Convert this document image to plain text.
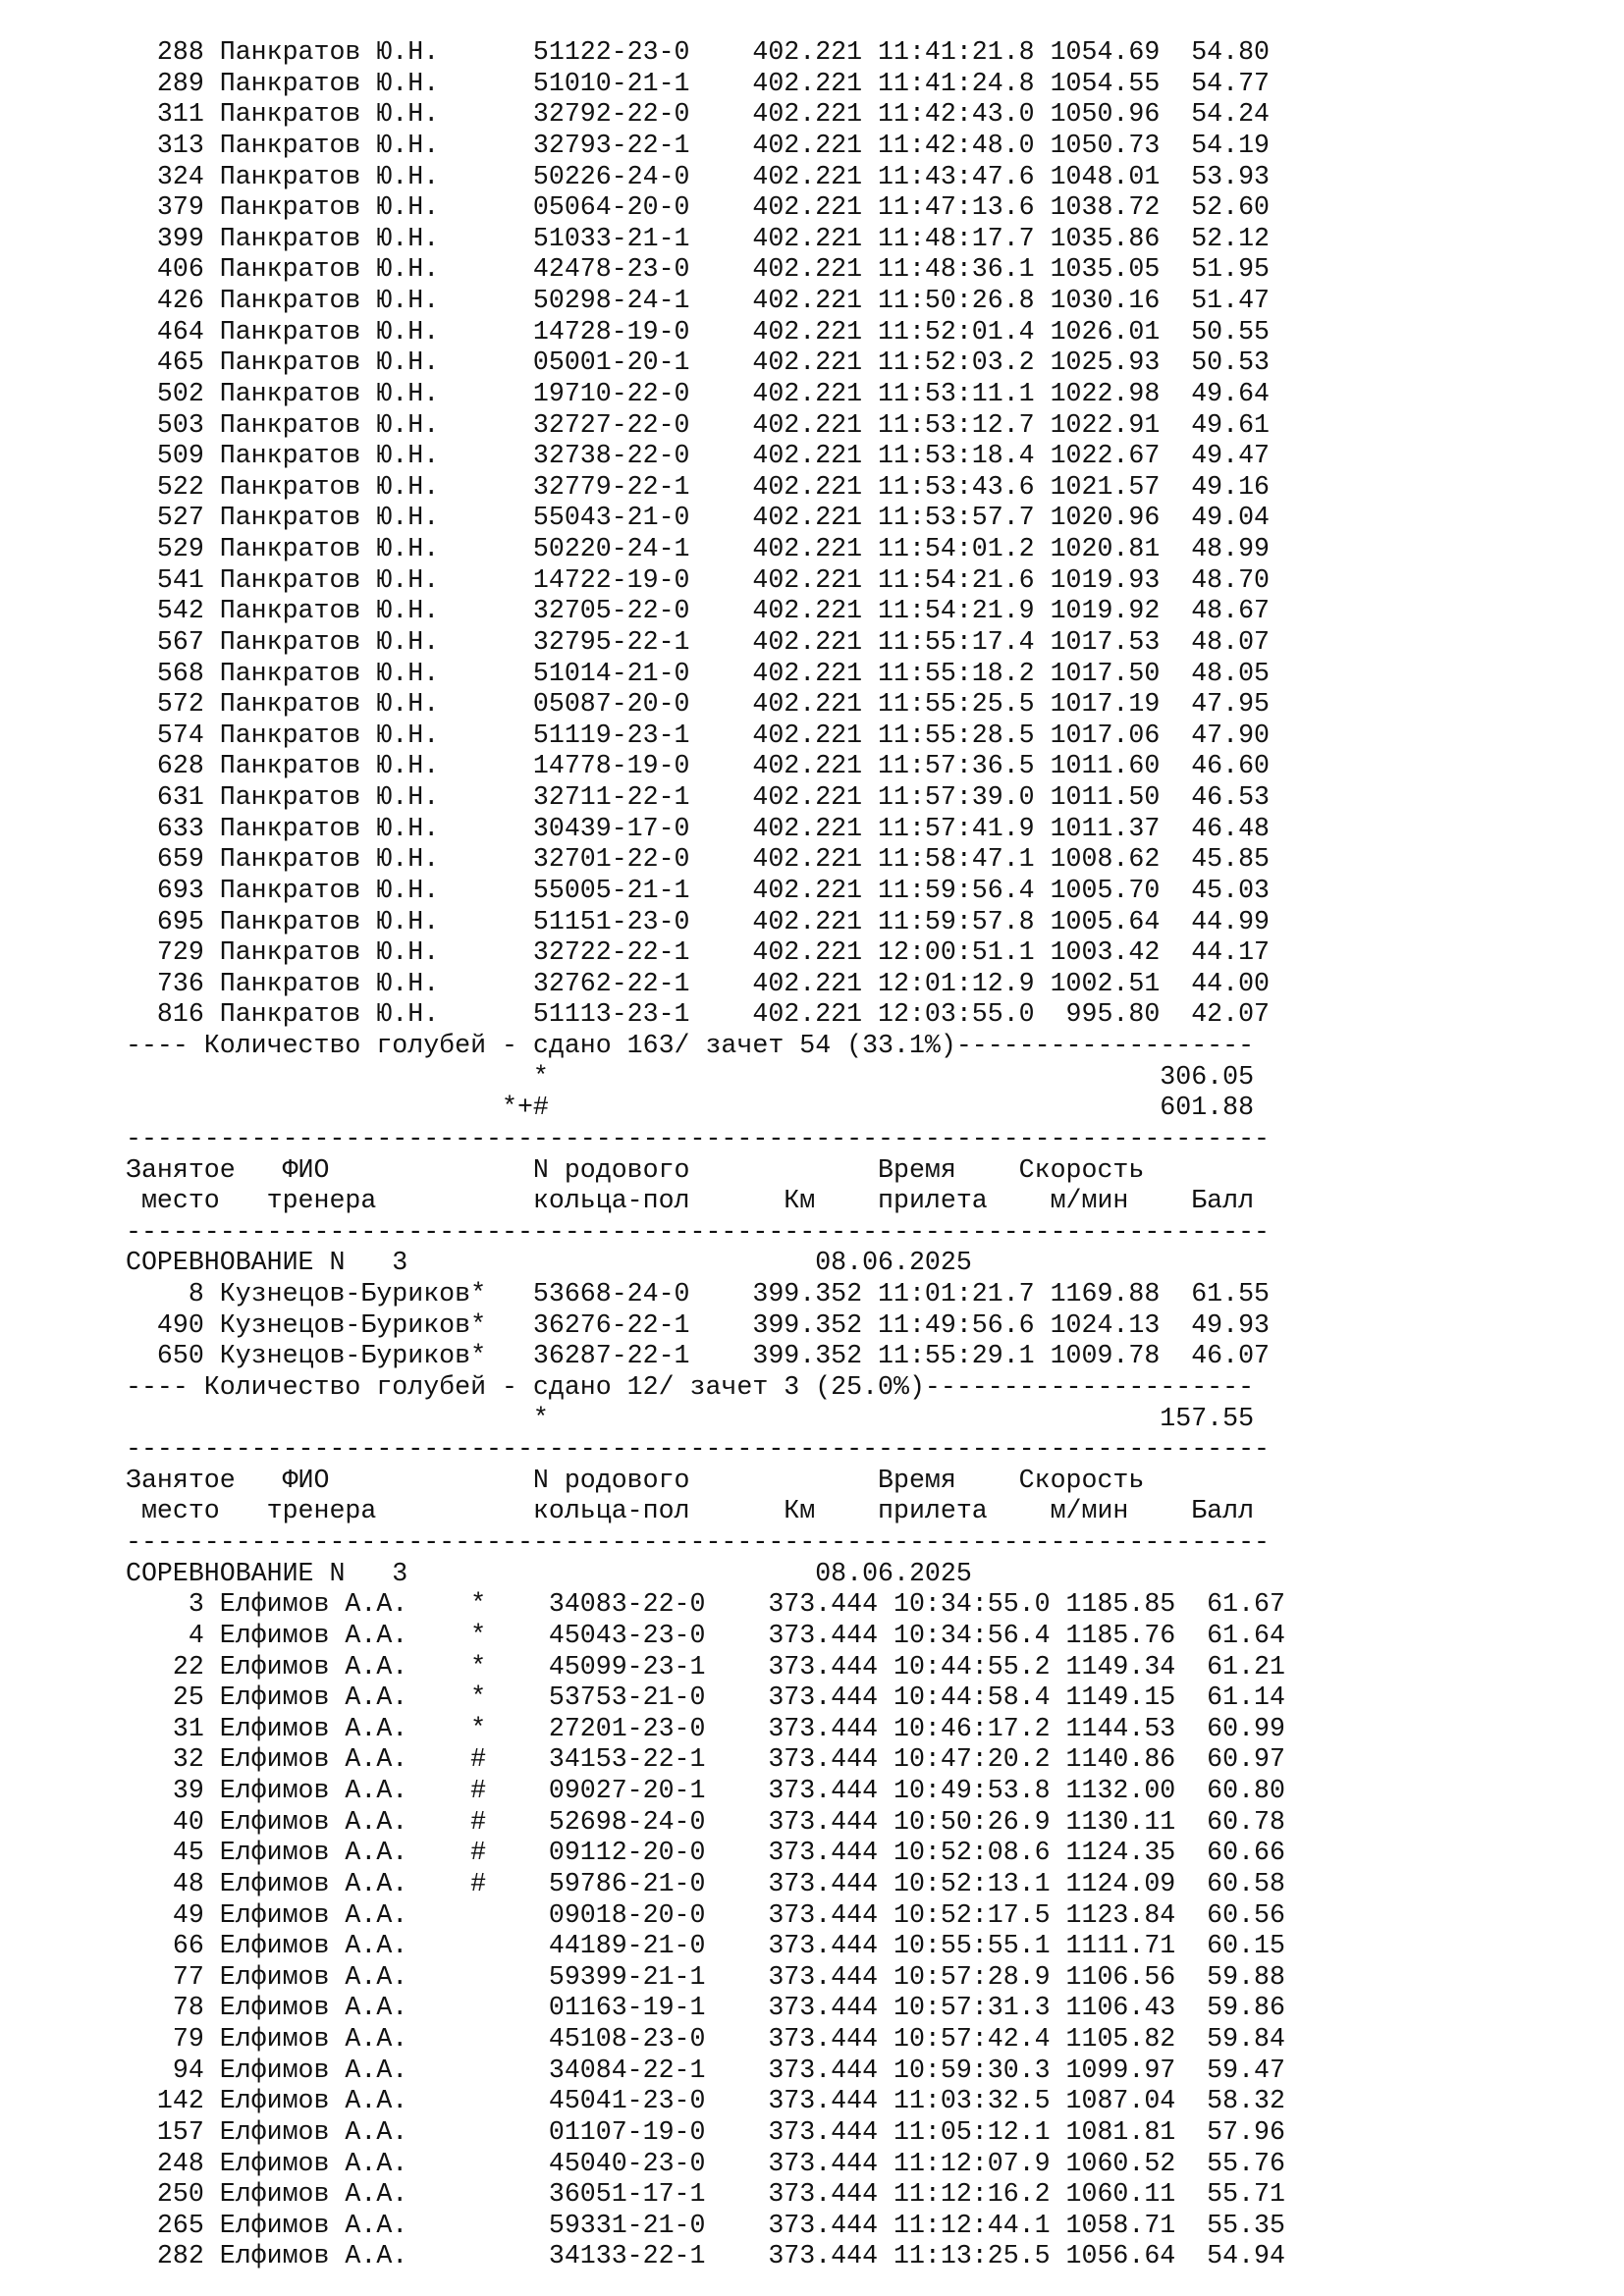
288 Панкратов Ю.Н.      51122-23-0    402.221 11:41:21.8 1054.69  54.80
289 Панкратов Ю.Н.      51010-21-1    402.221 11:41:24.8 1054.55  54.77
311 Панкратов Ю.Н.      32792-22-0    402.221 11:42:43.0 1050.96  54.24
313 Панкратов Ю.Н.      32793-22-1    402.221 11:42:48.0 1050.73  54.19
324 Панкратов Ю.Н.      50226-24-0    402.221 11:43:47.6 1048.01  53.93
379 Панкратов Ю.Н.      05064-20-0    402.221 11:47:13.6 1038.72  52.60
399 Панкратов Ю.Н.      51033-21-1    402.221 11:48:17.7 1035.86  52.12
406 Панкратов Ю.Н.      42478-23-0    402.221 11:48:36.1 1035.05  51.95
426 Панкратов Ю.Н.      50298-24-1    402.221 11:50:26.8 1030.16  51.47
464 Панкратов Ю.Н.      14728-19-0    402.221 11:52:01.4 1026.01  50.55
465 Панкратов Ю.Н.      05001-20-1    402.221 11:52:03.2 1025.93  50.53
502 Панкратов Ю.Н.      19710-22-0    402.221 11:53:11.1 1022.98  49.64
503 Панкратов Ю.Н.      32727-22-0    402.221 11:53:12.7 1022.91  49.61
509 Панкратов Ю.Н.      32738-22-0    402.221 11:53:18.4 1022.67  49.47
522 Панкратов Ю.Н.      32779-22-1    402.221 11:53:43.6 1021.57  49.16
527 Панкратов Ю.Н.      55043-21-0    402.221 11:53:57.7 1020.96  49.04
529 Панкратов Ю.Н.      50220-24-1    402.221 11:54:01.2 1020.81  48.99
541 Панкратов Ю.Н.      14722-19-0    402.221 11:54:21.6 1019.93  48.70
542 Панкратов Ю.Н.      32705-22-0    402.221 11:54:21.9 1019.92  48.67
567 Панкратов Ю.Н.      32795-22-1    402.221 11:55:17.4 1017.53  48.07
568 Панкратов Ю.Н.      51014-21-0    402.221 11:55:18.2 1017.50  48.05
572 Панкратов Ю.Н.      05087-20-0    402.221 11:55:25.5 1017.19  47.95
574 Панкратов Ю.Н.      51119-23-1    402.221 11:55:28.5 1017.06  47.90
628 Панкратов Ю.Н.      14778-19-0    402.221 11:57:36.5 1011.60  46.60
631 Панкратов Ю.Н.      32711-22-1    402.221 11:57:39.0 1011.50  46.53
633 Панкратов Ю.Н.      30439-17-0    402.221 11:57:41.9 1011.37  46.48
659 Панкратов Ю.Н.      32701-22-0    402.221 11:58:47.1 1008.62  45.85
693 Панкратов Ю.Н.      55005-21-1    402.221 11:59:56.4 1005.70  45.03
695 Панкратов Ю.Н.      51151-23-0    402.221 11:59:57.8 1005.64  44.99
729 Панкратов Ю.Н.      32722-22-1    402.221 12:00:51.1 1003.42  44.17
736 Панкратов Ю.Н.      32762-22-1    402.221 12:01:12.9 1002.51  44.00
816 Панкратов Ю.Н.      51113-23-1    402.221 12:03:55.0  995.80  42.07
---- Количество голубей - сдано 163/ зачет 54 (33.1%)-------------------
*                                       306.05
*+#                                       601.88
-------------------------------------------------------------------------
Занятое   ФИО             N родового            Время    Скорость
место   тренера          кольца-пол      Км    прилета    м/мин    Балл
-------------------------------------------------------------------------
СОРЕВНОВАНИЕ N   3                          08.06.2025
8 Кузнецов-Буриков*   53668-24-0    399.352 11:01:21.7 1169.88  61.55
490 Кузнецов-Буриков*   36276-22-1    399.352 11:49:56.6 1024.13  49.93
650 Кузнецов-Буриков*   36287-22-1    399.352 11:55:29.1 1009.78  46.07
---- Количество голубей - сдано 12/ зачет 3 (25.0%)---------------------
*                                       157.55
-------------------------------------------------------------------------
Занятое   ФИО             N родового            Время    Скорость
место   тренера          кольца-пол      Км    прилета    м/мин    Балл
-------------------------------------------------------------------------
СОРЕВНОВАНИЕ N   3                          08.06.2025
3 Елфимов А.А.    *    34083-22-0    373.444 10:34:55.0 1185.85  61.67
4 Елфимов А.А.    *    45043-23-0    373.444 10:34:56.4 1185.76  61.64
22 Елфимов А.А.    *    45099-23-1    373.444 10:44:55.2 1149.34  61.21
25 Елфимов А.А.    *    53753-21-0    373.444 10:44:58.4 1149.15  61.14
31 Елфимов А.А.    *    27201-23-0    373.444 10:46:17.2 1144.53  60.99
32 Елфимов А.А.    #    34153-22-1    373.444 10:47:20.2 1140.86  60.97
39 Елфимов А.А.    #    09027-20-1    373.444 10:49:53.8 1132.00  60.80
40 Елфимов А.А.    #    52698-24-0    373.444 10:50:26.9 1130.11  60.78
45 Елфимов А.А.    #    09112-20-0    373.444 10:52:08.6 1124.35  60.66
48 Елфимов А.А.    #    59786-21-0    373.444 10:52:13.1 1124.09  60.58
49 Елфимов А.А.         09018-20-0    373.444 10:52:17.5 1123.84  60.56
66 Елфимов А.А.         44189-21-0    373.444 10:55:55.1 1111.71  60.15
77 Елфимов А.А.         59399-21-1    373.444 10:57:28.9 1106.56  59.88
78 Елфимов А.А.         01163-19-1    373.444 10:57:31.3 1106.43  59.86
79 Елфимов А.А.         45108-23-0    373.444 10:57:42.4 1105.82  59.84
94 Елфимов А.А.         34084-22-1    373.444 10:59:30.3 1099.97  59.47
142 Елфимов А.А.         45041-23-0    373.444 11:03:32.5 1087.04  58.32
157 Елфимов А.А.         01107-19-0    373.444 11:05:12.1 1081.81  57.96
248 Елфимов А.А.         45040-23-0    373.444 11:12:07.9 1060.52  55.76
250 Елфимов А.А.         36051-17-1    373.444 11:12:16.2 1060.11  55.71
265 Елфимов А.А.         59331-21-0    373.444 11:12:44.1 1058.71  55.35
282 Елфимов А.А.         34133-22-1    373.444 11:13:25.5 1056.64  54.94
